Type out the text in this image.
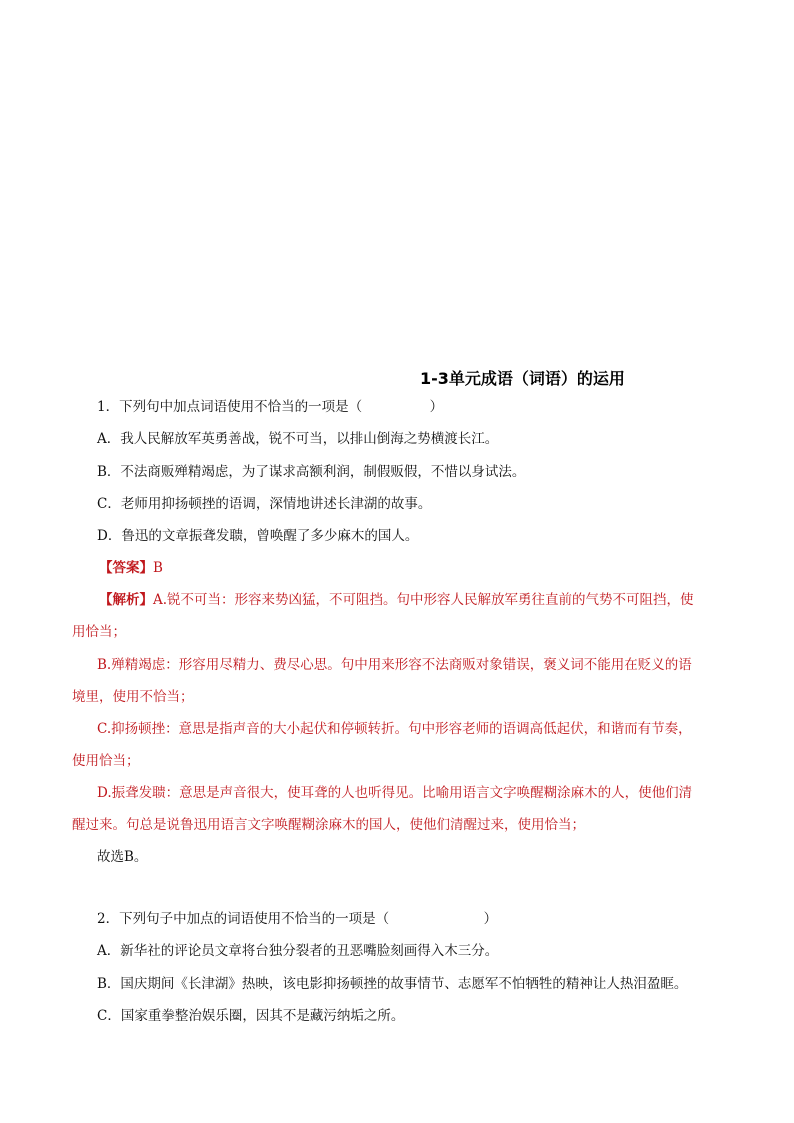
1-3单元成语（词语）的运用
1．下列句中加点词语使用不恰当的一项是（　　　　　）
A．我人民解放军英勇善战，锐不可当，以排山倒海之势横渡长江。
B．不法商贩殚精竭虑，为了谋求高额利润，制假贩假，不惜以身试法。
C．老师用抑扬顿挫的语调，深情地讲述长津湖的故事。
D．鲁迅的文章振聋发聩，曾唤醒了多少麻木的国人。
【答案】B
【解析】A.锐不可当：形容来势凶猛，不可阻挡。句中形容人民解放军勇往直前的气势不可阻挡，使
用恰当；
B.殚精竭虑：形容用尽精力、费尽心思。句中用来形容不法商贩对象错误，褒义词不能用在贬义的语
境里，使用不恰当；
C.抑扬顿挫：意思是指声音的大小起伏和停顿转折。句中形容老师的语调高低起伏，和谐而有节奏，
使用恰当；
D.振聋发聩：意思是声音很大，使耳聋的人也听得见。比喻用语言文字唤醒糊涂麻木的人，使他们清
醒过来。句总是说鲁迅用语言文字唤醒糊涂麻木的国人，使他们清醒过来，使用恰当；
故选B。
2．下列句子中加点的词语使用不恰当的一项是（　　　　　　　）
A．新华社的评论员文章将台独分裂者的丑恶嘴脸刻画得入木三分。
B．国庆期间《长津湖》热映，该电影抑扬顿挫的故事情节、志愿军不怕牺牲的精神让人热泪盈眶。
C．国家重拳整治娱乐圈，因其不是藏污纳垢之所。
